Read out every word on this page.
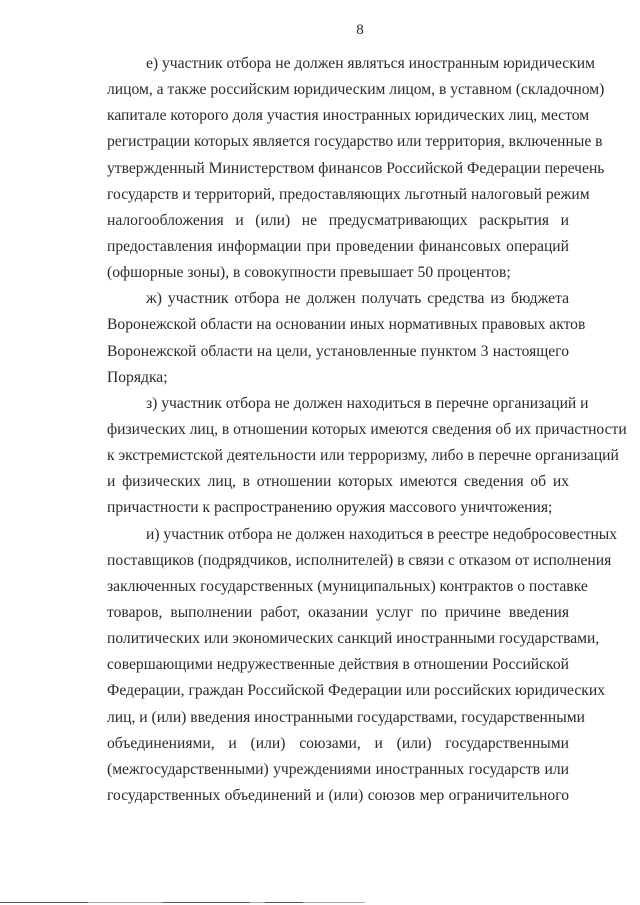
8
е) участник отбора не должен являться иностранным юридическим
лицом, а также российским юридическим лицом, в уставном (складочном)
капитале которого доля участия иностранных юридических лиц, местом
регистрации которых является государство или территория, включенные в
утвержденный Министерством финансов Российской Федерации перечень
государств и территорий, предоставляющих льготный налоговый режим
налогообложения и (или) не предусматривающих раскрытия и
предоставления информации при проведении финансовых операций
(офшорные зоны), в совокупности превышает 50 процентов;
ж) участник отбора не должен получать средства из бюджета
Воронежской области на основании иных нормативных правовых актов
Воронежской области на цели, установленные пунктом 3 настоящего
Порядка;
з) участник отбора не должен находиться в перечне организаций и
физических лиц, в отношении которых имеются сведения об их причастности
к экстремистской деятельности или терроризму, либо в перечне организаций
и физических лиц, в отношении которых имеются сведения об их
причастности к распространению оружия массового уничтожения;
и) участник отбора не должен находиться в реестре недобросовестных
поставщиков (подрядчиков, исполнителей) в связи с отказом от исполнения
заключенных государственных (муниципальных) контрактов о поставке
товаров, выполнении работ, оказании услуг по причине введения
политических или экономических санкций иностранными государствами,
совершающими недружественные действия в отношении Российской
Федерации, граждан Российской Федерации или российских юридических
лиц, и (или) введения иностранными государствами, государственными
объединениями, и (или) союзами, и (или) государственными
(межгосударственными) учреждениями иностранных государств или
государственных объединений и (или) союзов мер ограничительного
